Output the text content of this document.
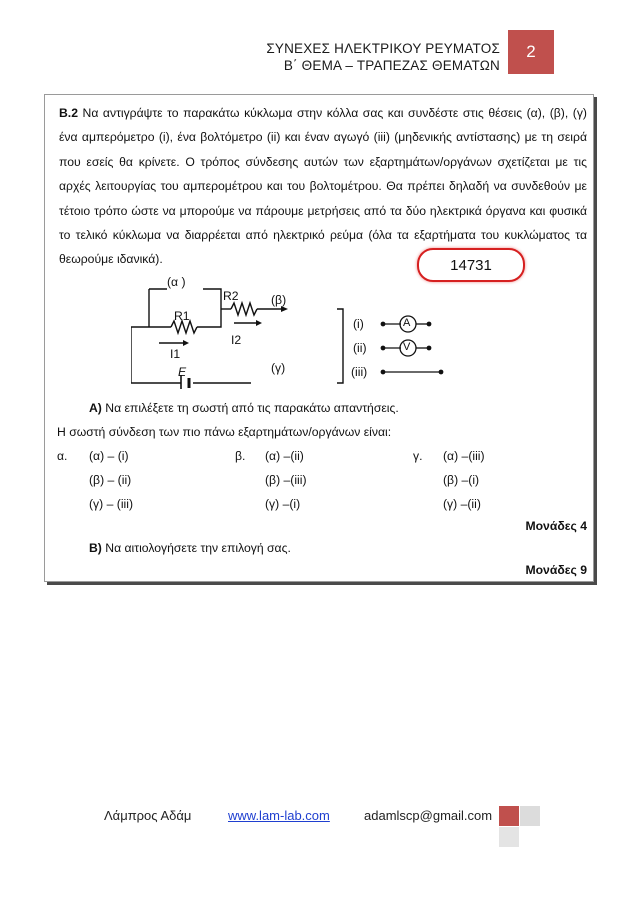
ΣΥΝΕΧΕΣ ΗΛΕΚΤΡΙΚΟΥ ΡΕΥΜΑΤΟΣ
Β΄ ΘΕΜΑ – ΤΡΑΠΕΖΑΣ ΘΕΜΑΤΩΝ
2
Β.2 Να αντιγράψτε το παρακάτω κύκλωμα στην κόλλα σας και συνδέστε στις θέσεις (α), (β), (γ) ένα αμπερόμετρο (i), ένα βολτόμετρο (ii) και έναν αγωγό (iii) (μηδενικής αντίστασης) με τη σειρά που εσείς θα κρίνετε. Ο τρόπος σύνδεσης αυτών των εξαρτημάτων/οργάνων σχετίζεται με τις αρχές λειτουργίας του αμπερομέτρου και του βολτομέτρου. Θα πρέπει δηλαδή να συνδεθούν με τέτοιο τρόπο ώστε να μπορούμε να πάρουμε μετρήσεις από τα δύο ηλεκτρικά όργανα και φυσικά το τελικό κύκλωμα να διαρρέεται από ηλεκτρικό ρεύμα (όλα τα εξαρτήματα του κυκλώματος τα θεωρούμε ιδανικά).	14731
(α )
R2	(β)
R1
I2
I1
E	(γ)
(i)
(ii)
(iii)
A
V
Α) Να επιλέξετε τη σωστή από τις παρακάτω απαντήσεις.
Η σωστή σύνδεση των πιο πάνω εξαρτημάτων/οργάνων είναι:
α. (α) – (i)
(β) – (ii)
(γ) – (iii)
β. (α) –(ii)
(β) –(iii)
(γ) –(i)
γ. (α) –(iii)
(β) –(i)
(γ) –(ii)
Μονάδες 4
Β) Να αιτιολογήσετε την επιλογή σας.
Μονάδες 9
Λάμπρος Αδάμ	www.lam-lab.com	adamlscp@gmail.com
